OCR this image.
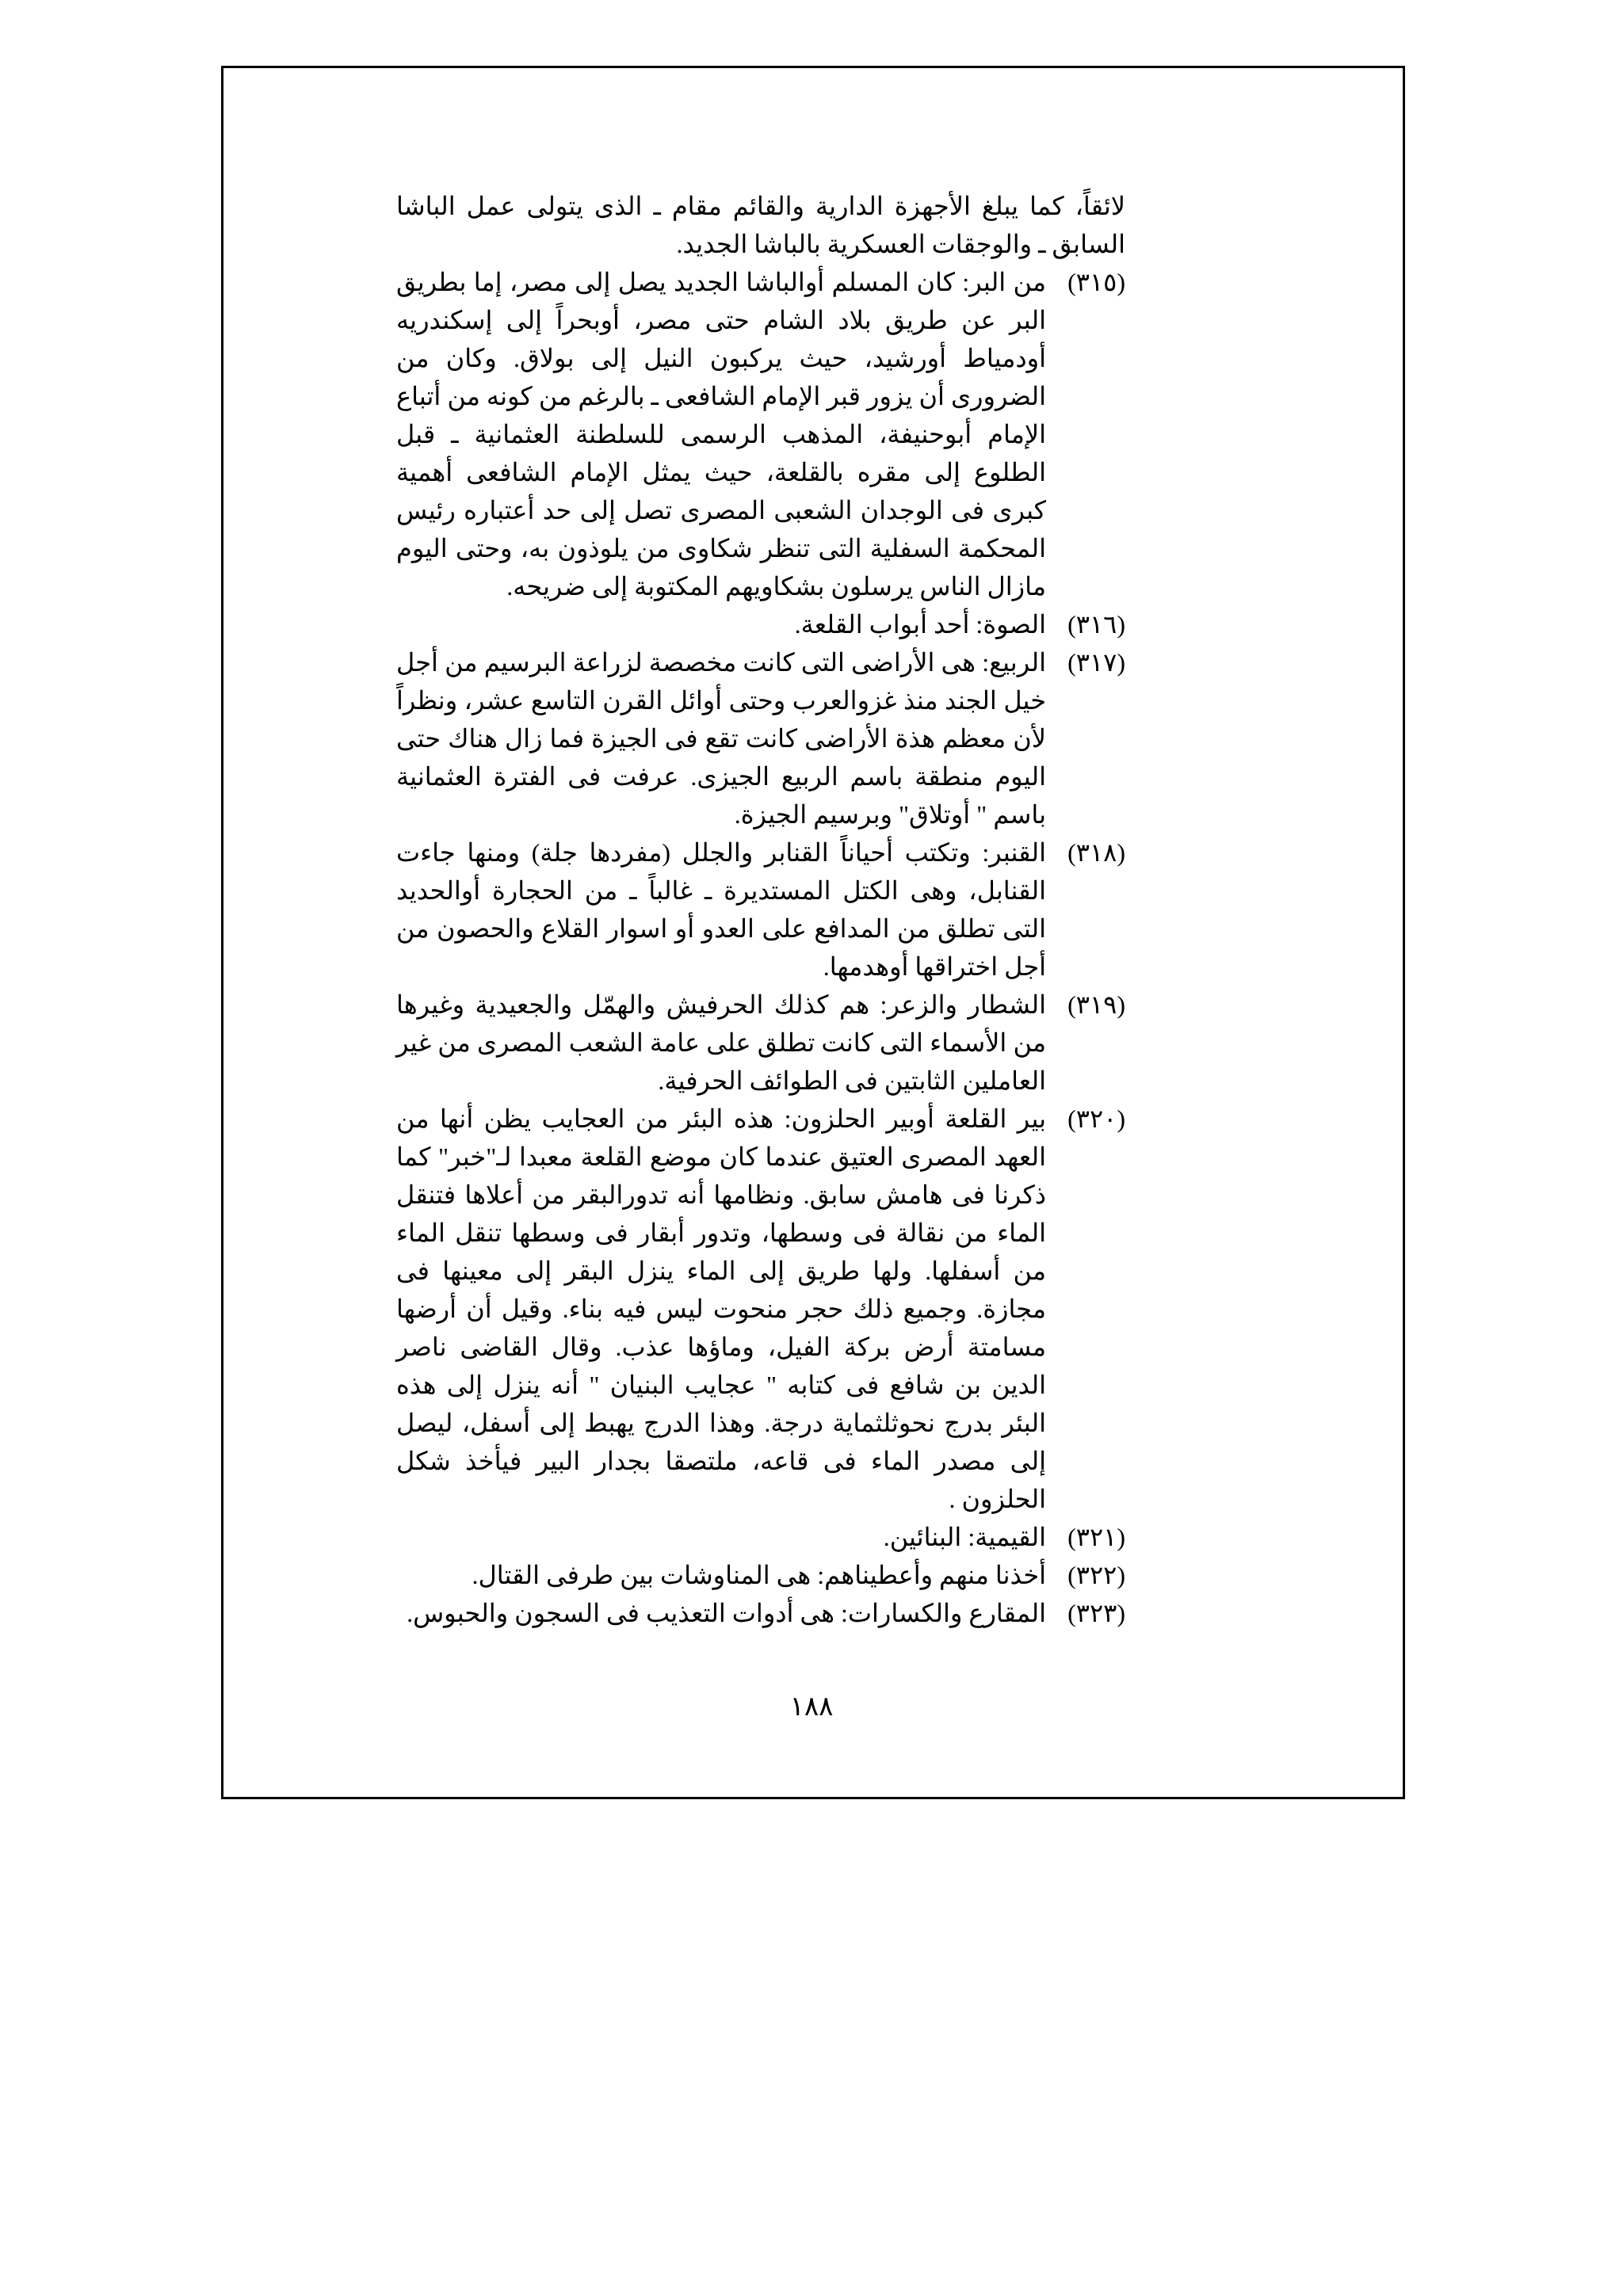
لائقاً، كما يبلغ الأجهزة الدارية والقائم مقام ـ الذى يتولى عمل الباشا السابق ـ والوجقات العسكرية بالباشا الجديد.

(٣١٥)

من البر: كان المسلم أوالباشا الجديد يصل إلى مصر، إما بطريق البر عن طريق بلاد الشام حتى مصر، أوبحراً إلى إسكندريه أودمياط أورشيد، حيث يركبون النيل إلى بولاق. وكان من الضرورى أن يزور قبر الإمام الشافعى ـ بالرغم من كونه من أتباع الإمام أبوحنيفة، المذهب الرسمى للسلطنة العثمانية ـ قبل الطلوع إلى مقره بالقلعة، حيث يمثل الإمام الشافعى أهمية كبرى فى الوجدان الشعبى المصرى تصل إلى حد أعتباره رئيس المحكمة السفلية التى تنظر شكاوى من يلوذون به، وحتى اليوم مازال الناس يرسلون بشكاويهم المكتوبة إلى ضريحه.

(٣١٦)

الصوة: أحد أبواب القلعة.

(٣١٧)

الربيع: هى الأراضى التى كانت مخصصة لزراعة البرسيم من أجل خيل الجند منذ غزوالعرب وحتى أوائل القرن التاسع عشر، ونظراً لأن معظم هذة الأراضى كانت تقع فى الجيزة فما زال هناك حتى اليوم منطقة باسم الربيع الجيزى. عرفت فى الفترة العثمانية باسم " أوتلاق" وبرسيم الجيزة.

(٣١٨)

القنبر: وتكتب أحياناً القنابر والجلل (مفردها جلة) ومنها جاءت القنابل، وهى الكتل المستديرة ـ غالباً ـ من الحجارة أوالحديد التى تطلق من المدافع على العدو أو اسوار القلاع والحصون من أجل اختراقها أوهدمها.

(٣١٩)

الشطار والزعر: هم كذلك الحرفيش والهمّل والجعيدية وغيرها من الأسماء التى كانت تطلق على عامة الشعب المصرى من غير العاملين الثابتين فى الطوائف الحرفية.

(٣٢٠)

بير القلعة أوبير الحلزون: هذه البئر من العجايب يظن أنها من العهد المصرى العتيق عندما كان موضع القلعة معبدا لـ"خبر" كما ذكرنا فى هامش سابق. ونظامها أنه تدورالبقر من أعلاها فتنقل الماء من نقالة فى وسطها، وتدور أبقار فى وسطها تنقل الماء من أسفلها. ولها طريق إلى الماء ينزل البقر إلى معينها فى مجازة. وجميع ذلك حجر منحوت ليس فيه بناء. وقيل أن أرضها مسامتة أرض بركة الفيل، وماؤها عذب. وقال القاضى ناصر الدين بن شافع فى كتابه " عجايب البنيان " أنه ينزل إلى هذه البئر بدرج نحوثلثماية درجة. وهذا الدرج يهبط إلى أسفل، ليصل إلى مصدر الماء فى قاعه، ملتصقا بجدار البير فيأخذ شكل الحلزون .

(٣٢١)

القيمية: البنائين.

(٣٢٢)

أخذنا منهم وأعطيناهم: هى المناوشات بين طرفى القتال.

(٣٢٣)

المقارع والكسارات: هى أدوات التعذيب فى السجون والحبوس.

١٨٨
